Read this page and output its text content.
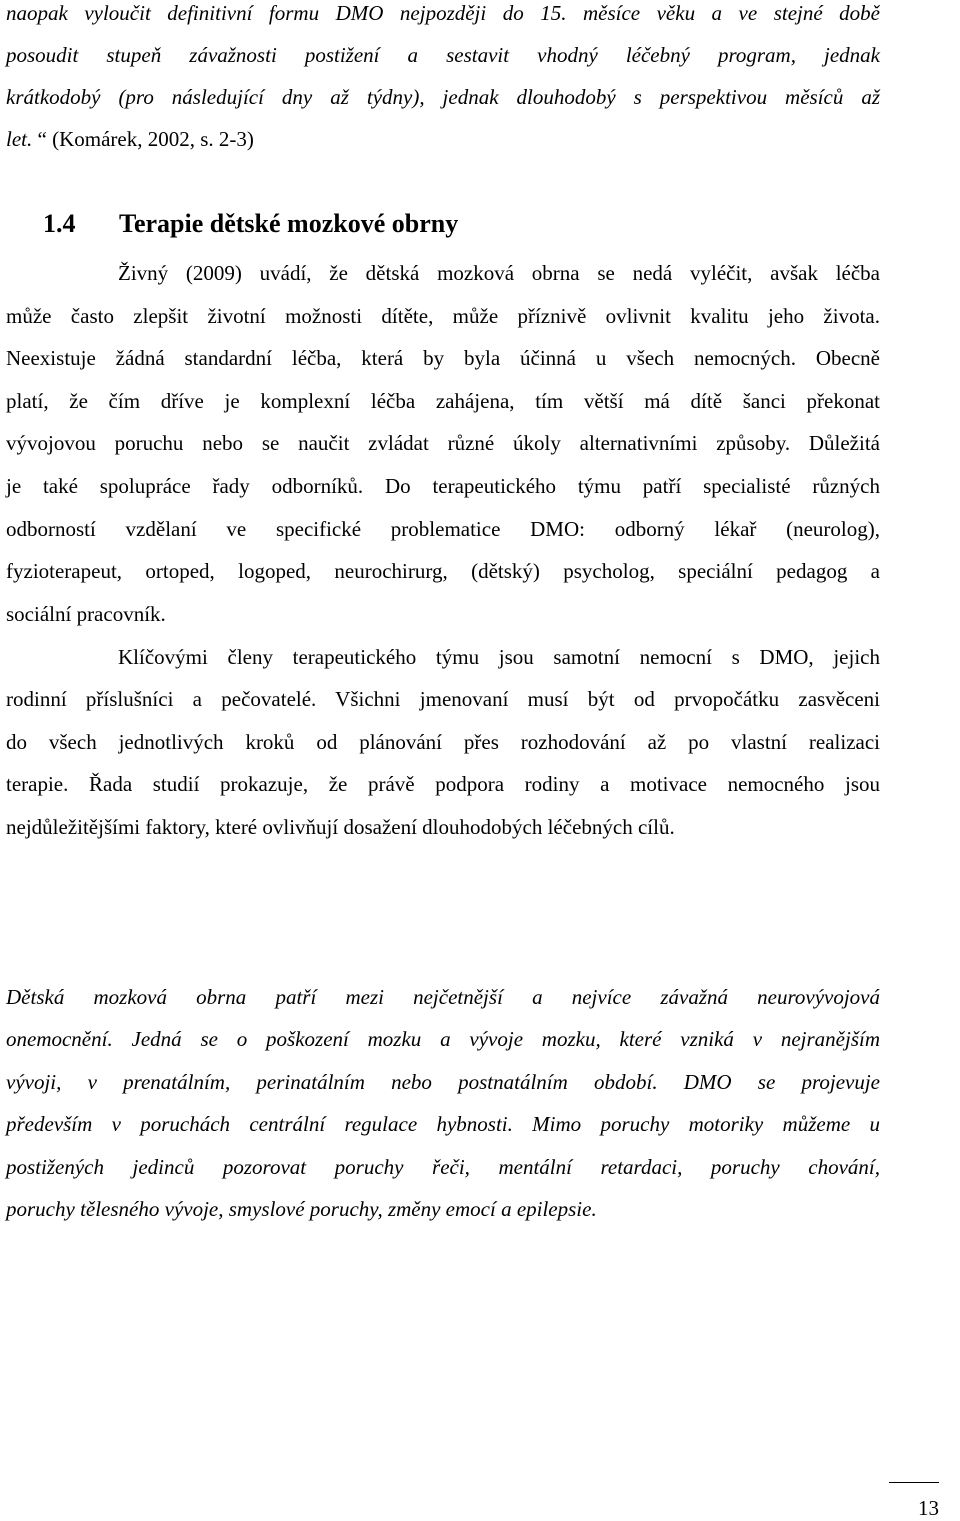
naopak vyloučit definitivní formu DMO nejpozději do 15. měsíce věku a ve stejné době
posoudit stupeň závažnosti postižení a sestavit vhodný léčebný program, jednak
krátkodobý (pro následující dny až týdny), jednak dlouhodobý s perspektivou měsíců až
let. “ (Komárek, 2002, s. 2-3)
1.4 Terapie dětské mozkové obrny
Živný (2009) uvádí, že dětská mozková obrna se nedá vyléčit, avšak léčba
může často zlepšit životní možnosti dítěte, může příznivě ovlivnit kvalitu jeho života.
Neexistuje žádná standardní léčba, která by byla účinná u všech nemocných. Obecně
platí, že čím dříve je komplexní léčba zahájena, tím větší má dítě šanci překonat
vývojovou poruchu nebo se naučit zvládat různé úkoly alternativními způsoby. Důležitá
je také spolupráce řady odborníků. Do terapeutického týmu patří specialisté různých
odborností vzdělaní ve specifické problematice DMO: odborný lékař (neurolog),
fyzioterapeut, ortoped, logoped, neurochirurg, (dětský) psycholog, speciální pedagog a
sociální pracovník.
Klíčovými členy terapeutického týmu jsou samotní nemocní s DMO, jejich
rodinní příslušníci a pečovatelé. Všichni jmenovaní musí být od prvopočátku zasvěceni
do všech jednotlivých kroků od plánování přes rozhodování až po vlastní realizaci
terapie. Řada studií prokazuje, že právě podpora rodiny a motivace nemocného jsou
nejdůležitějšími faktory, které ovlivňují dosažení dlouhodobých léčebných cílů.
Dětská mozková obrna patří mezi nejčetnější a nejvíce závažná neurovývojová
onemocnění. Jedná se o poškození mozku a vývoje mozku, které vzniká v nejranějším
vývoji, v prenatálním, perinatálním nebo postnatálním období. DMO se projevuje
především v poruchách centrální regulace hybnosti. Mimo poruchy motoriky můžeme u
postižených jedinců pozorovat poruchy řeči, mentální retardaci, poruchy chování,
poruchy tělesného vývoje, smyslové poruchy, změny emocí a epilepsie.
13
